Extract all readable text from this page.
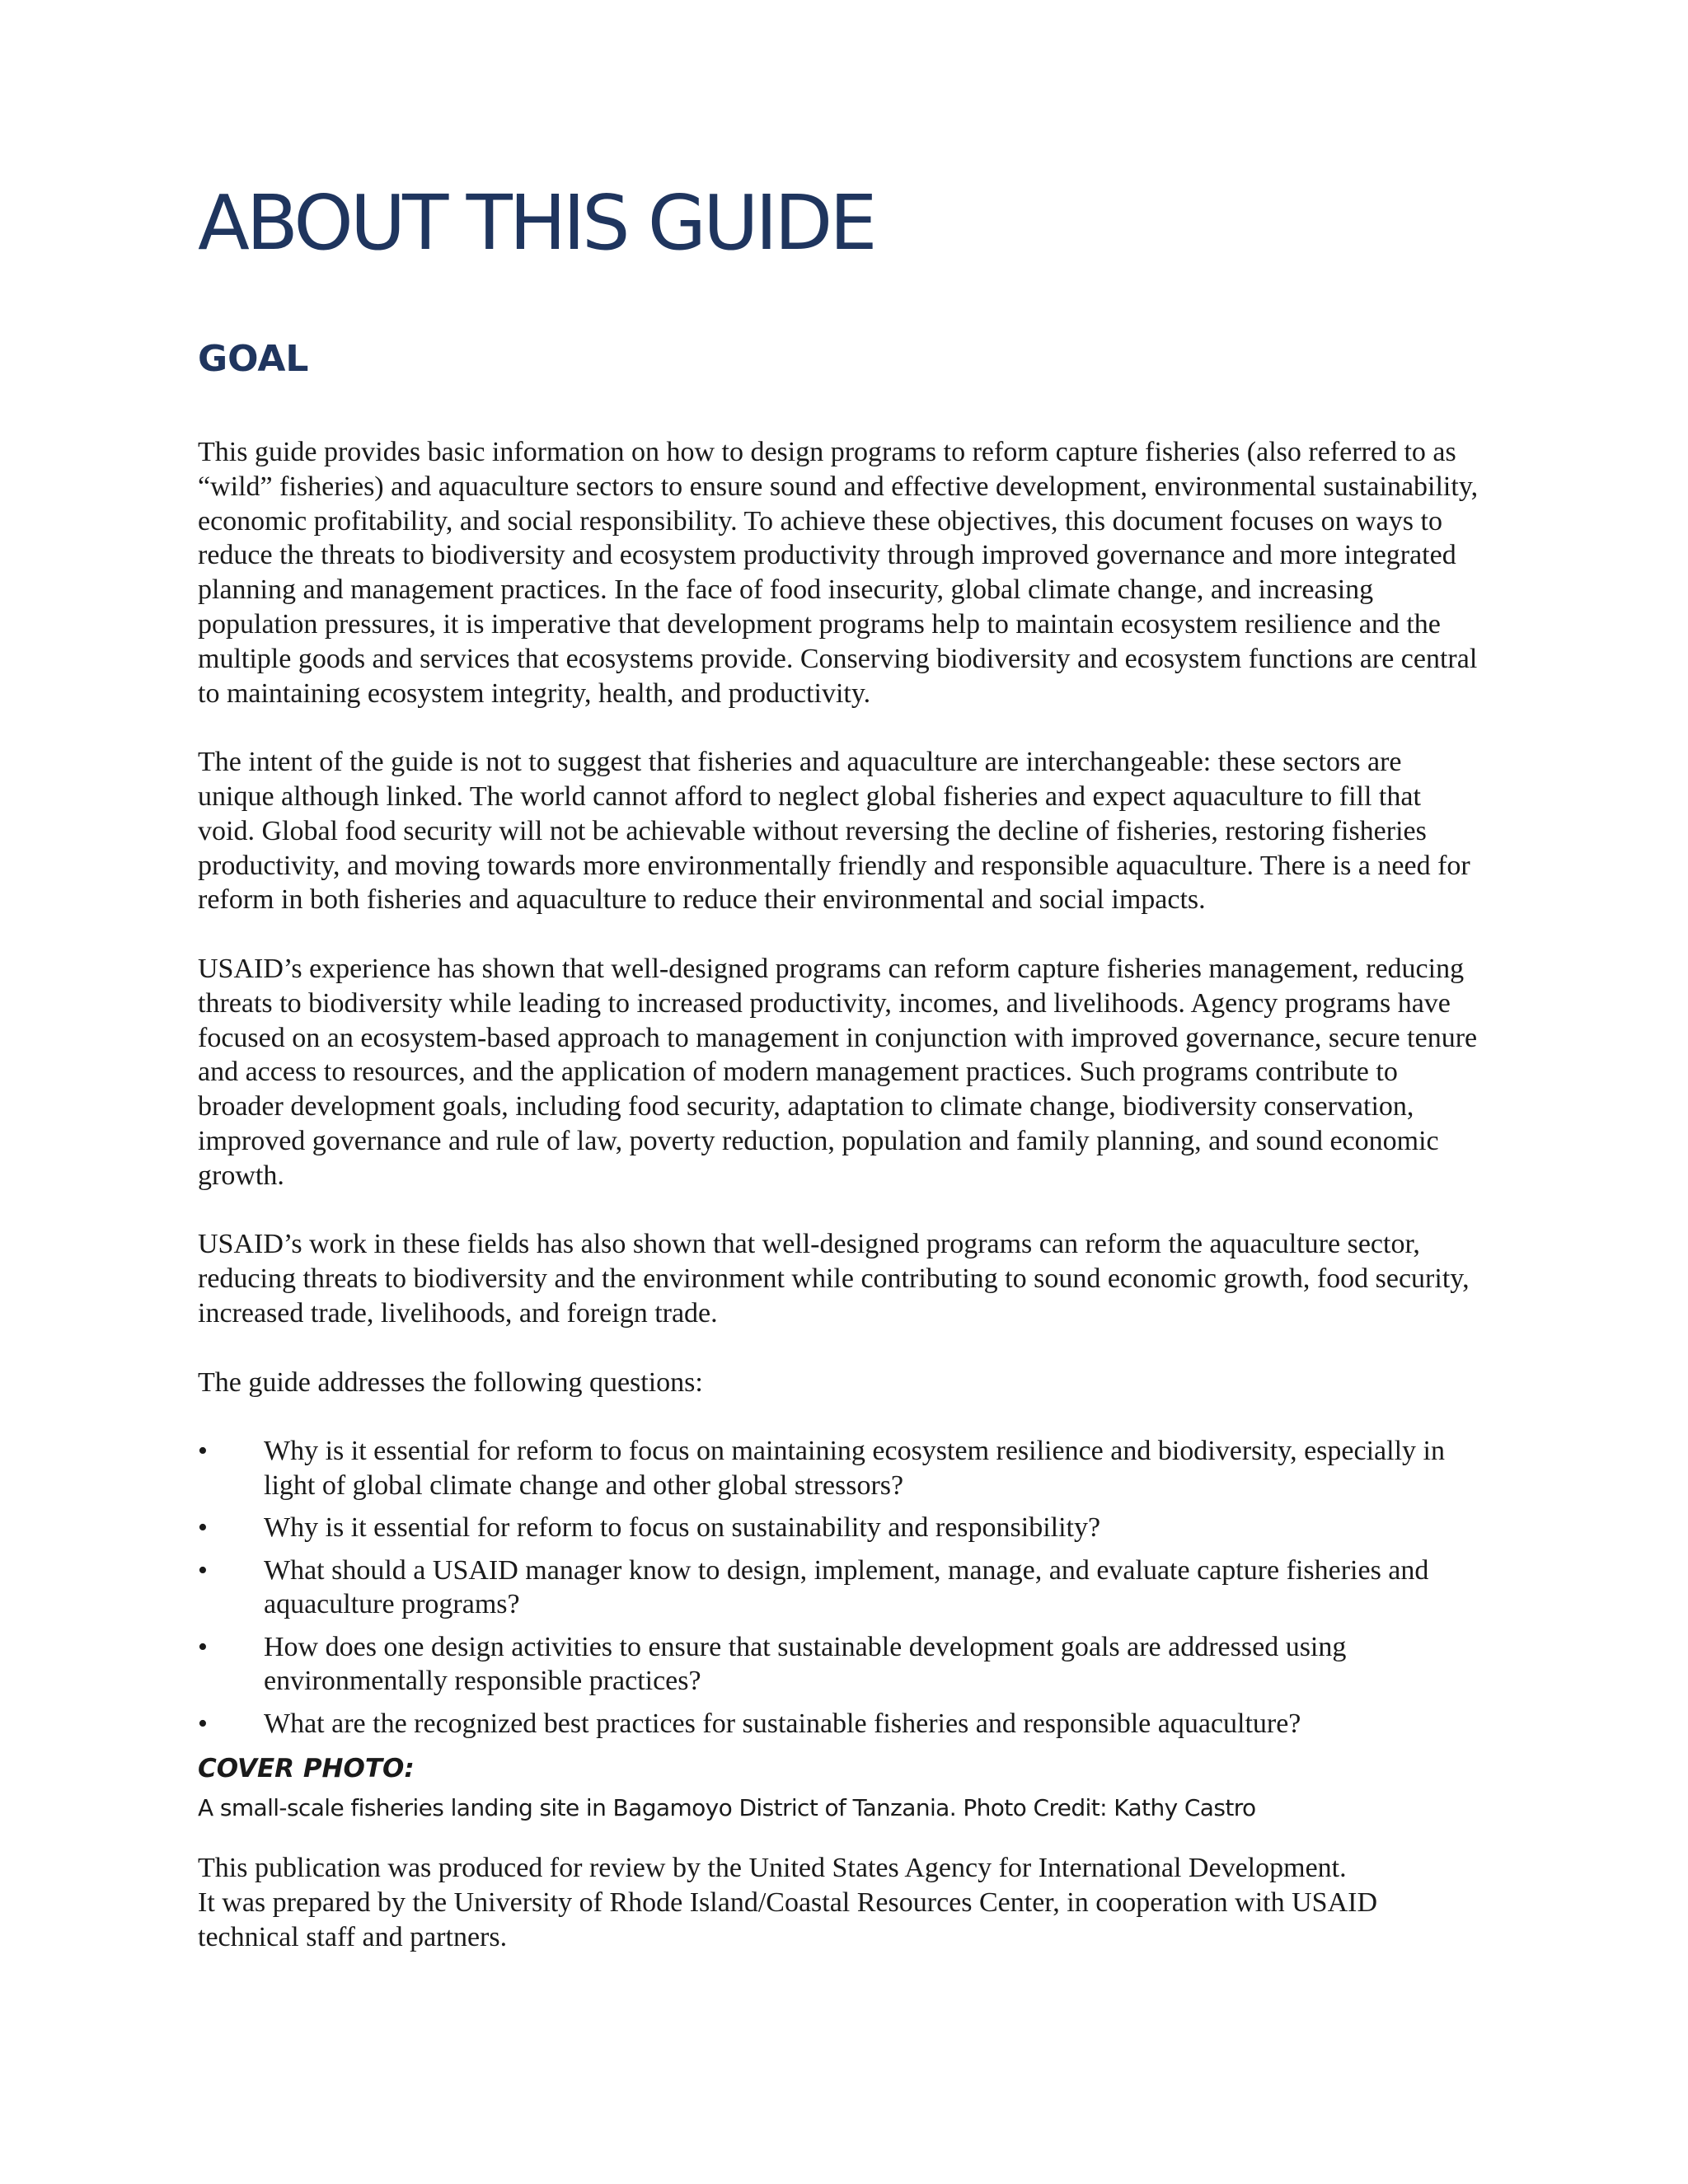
ABOUT THIS GUIDE
GOAL

This guide provides basic information on how to design programs to reform capture fisheries (also referred to as “wild” fisheries) and aquaculture sectors to ensure sound and effective development, environmental sustainability, economic profitability, and social responsibility. To achieve these objectives, this document focuses on ways to reduce the threats to biodiversity and ecosystem productivity through improved governance and more integrated planning and management practices. In the face of food insecurity, global climate change, and increasing population pressures, it is imperative that development programs help to maintain ecosystem resilience and the multiple goods and services that ecosystems provide. Conserving biodiversity and ecosystem functions are central to maintaining ecosystem integrity, health, and productivity.

The intent of the guide is not to suggest that fisheries and aquaculture are interchangeable: these sectors are unique although linked. The world cannot afford to neglect global fisheries and expect aquaculture to fill that void. Global food security will not be achievable without reversing the decline of fisheries, restoring fisheries productivity, and moving towards more environmentally friendly and responsible aquaculture. There is a need for reform in both fisheries and aquaculture to reduce their environmental and social impacts.

USAID’s experience has shown that well-designed programs can reform capture fisheries management, reducing threats to biodiversity while leading to increased productivity, incomes, and livelihoods. Agency programs have focused on an ecosystem-based approach to management in conjunction with improved governance, secure tenure and access to resources, and the application of modern management practices. Such programs contribute to broader development goals, including food security, adaptation to climate change, biodiversity conservation, improved governance and rule of law, poverty reduction, population and family planning, and sound economic growth.

USAID’s work in these fields has also shown that well-designed programs can reform the aquaculture sector, reducing threats to biodiversity and the environment while contributing to sound economic growth, food security, increased trade, livelihoods, and foreign trade.

The guide addresses the following questions:

• Why is it essential for reform to focus on maintaining ecosystem resilience and biodiversity, especially in light of global climate change and other global stressors?
• Why is it essential for reform to focus on sustainability and responsibility?
• What should a USAID manager know to design, implement, manage, and evaluate capture fisheries and aquaculture programs?
• How does one design activities to ensure that sustainable development goals are addressed using environmentally responsible practices?
• What are the recognized best practices for sustainable fisheries and responsible aquaculture?
COVER PHOTO:
A small-scale fisheries landing site in Bagamoyo District of Tanzania. Photo Credit: Kathy Castro

This publication was produced for review by the United States Agency for International Development.
It was prepared by the University of Rhode Island/Coastal Resources Center, in cooperation with USAID technical staff and partners.
